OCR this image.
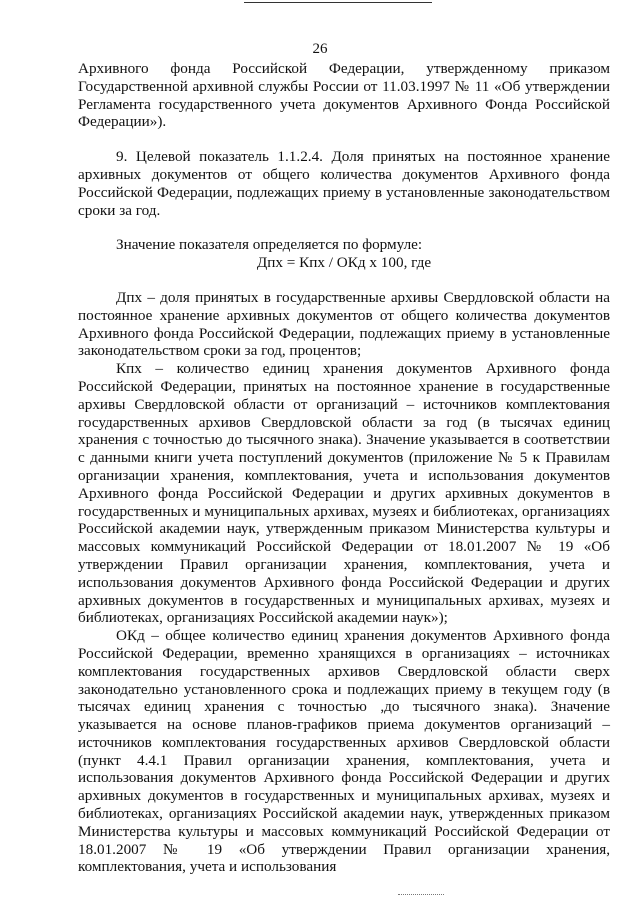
26

Архивного фонда Российской Федерации, утвержденному приказом Государственной архивной службы России от 11.03.1997 № 11 «Об утверждении Регламента государственного учета документов Архивного Фонда Российской Федерации»).

9. Целевой показатель 1.1.2.4. Доля принятых на постоянное хранение архивных документов от общего количества документов Архивного фонда Российской Федерации, подлежащих приему в установленные законодательством сроки за год.

Значение показателя определяется по формуле:

Дпх = Кпх / ОКд х 100, где

Дпх – доля принятых в государственные архивы Свердловской области на постоянное хранение архивных документов от общего количества документов Архивного фонда Российской Федерации, подлежащих приему в установленные законодательством сроки за год, процентов;

Кпх – количество единиц хранения документов Архивного фонда Российской Федерации, принятых на постоянное хранение в государственные архивы Свердловской области от организаций – источников комплектования государственных архивов Свердловской области за год (в тысячах единиц хранения с точностью до тысячного знака). Значение указывается в соответствии с данными книги учета поступлений документов (приложение № 5 к Правилам организации хранения, комплектования, учета и использования документов Архивного фонда Российской Федерации и других архивных документов в государственных и муниципальных архивах, музеях и библиотеках, организациях Российской академии наук, утвержденным приказом Министерства культуры и массовых коммуникаций Российской Федерации от 18.01.2007 № 19 «Об утверждении Правил организации хранения, комплектования, учета и использования документов Архивного фонда Российской Федерации и других архивных документов в государственных и муниципальных архивах, музеях и библиотеках, организациях Российской академии наук»);

ОКд – общее количество единиц хранения документов Архивного фонда Российской Федерации, временно хранящихся в организациях – источниках комплектования государственных архивов Свердловской области сверх законодательно установленного срока и подлежащих приему в текущем году (в тысячах единиц хранения с точностью ,до тысячного знака). Значение указывается на основе планов-графиков приема документов организаций – источников комплектования государственных архивов Свердловской области (пункт 4.4.1 Правил организации хранения, комплектования, учета и использования документов Архивного фонда Российской Федерации и других архивных документов в государственных и муниципальных архивах, музеях и библиотеках, организациях Российской академии наук, утвержденных приказом Министерства культуры и массовых коммуникаций Российской Федерации от 18.01.2007 № 19 «Об утверждении Правил организации хранения, комплектования, учета и использования
